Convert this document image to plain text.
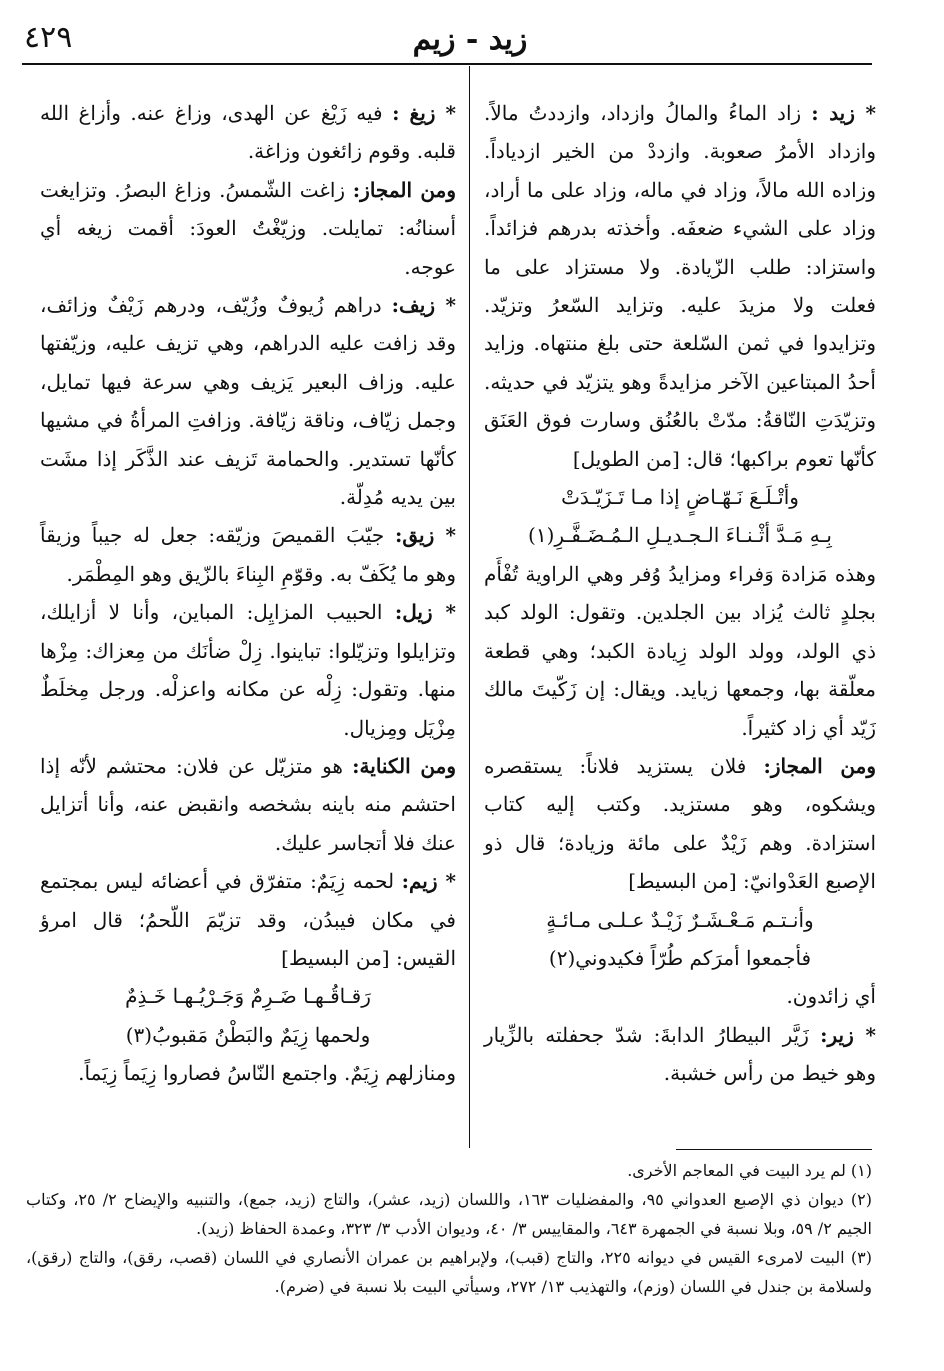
زيد - زيم
٤٢٩

* زيد : زاد الماءُ والمالُ وازداد، وازددتُ مالاً. وازداد الأمرُ صعوبة. وازددْ من الخير ازدياداً. وزاده الله مالاً، وزاد في ماله، وزاد على ما أراد، وزاد على الشيء ضعفَه. وأخذته بدرهم فزائداً. واستزاد: طلب الزّيادة. ولا مستزاد على ما فعلت ولا مزيدَ عليه. وتزايد السّعرُ وتزيّد. وتزايدوا في ثمن السّلعة حتى بلغ منتهاه. وزايد أحدُ المبتاعين الآخر مزايدةً وهو يتزيّد في حديثه. وتزيّدَتِ النّاقةُ: مدّتْ بالعُنُق وسارت فوق العَنَق كأنّها تعوم براكبها؛ قال: [من الطويل]

وأتْـلَـعَ نَـهّـاضٍ إذا مـا تَـزَيّـدَتْ

بِـهِ مَـدَّ أثْـنـاءَ الـجـديـلِ الـمُـضَـفَّـرِ(١)

وهذه مَزادة وَفراء ومزايدُ وُفر وهي الراوية تُفْأَم بجلدٍ ثالث يُزاد بين الجلدين. وتقول: الولد كبد ذي الولد، وولد الولد زِيادة الكبد؛ وهي قطعة معلّقة بها، وجمعها زيايد. ويقال: إن زَكّيتَ مالك زَيّد أي زاد كثيراً.

ومن المجاز: فلان يستزيد فلاناً: يستقصره ويشكوه، وهو مستزيد. وكتب إليه كتاب استزادة. وهم زَيْدٌ على مائة وزيادة؛ قال ذو الإصبع العَدْوانيّ: [من البسيط]

وأنـتـم مَـعْـشَـرٌ زَيْـدٌ عـلـى مـائـةٍ

فأجمعوا أمرَكم طُرّاً فكيدوني(٢)

أي زائدون.

* زير: زَيَّر البيطارُ الدابةَ: شدّ جحفلته بالزِّيار وهو خيط من رأس خشبة.

* زيغ : فيه زَيْغ عن الهدى، وزاغ عنه. وأزاغ الله قلبه. وقوم زائغون وزاغة.

ومن المجاز: زاغت الشّمسُ. وزاغ البصرُ. وتزايغت أسنانُه: تمايلت. وزيّغْتُ العودَ: أقمت زيغه أي عوجه.

* زيف: دراهم زُيوفٌ وزُيّف، ودرهم زَيْفٌ وزائف، وقد زافت عليه الدراهم، وهي تزيف عليه، وزيّفتها عليه. وزاف البعير يَزيف وهي سرعة فيها تمايل، وجمل زيّاف، وناقة زيّافة. وزافتِ المرأةُ في مشيها كأنّها تستدير. والحمامة تَزيف عند الذَّكَر إذا مشَت بين يديه مُدِلّة.

* زيق: جيّبَ القميصَ وزيّقه: جعل له جيباً وزيقاً وهو ما يُكَفّ به. وقوّمِ البِناءَ بالزّيق وهو المِطْمَر.

* زيل: الحبيب المزايِل: المباين، وأنا لا أزايلك، وتزايلوا وتزيّلوا: تباينوا. زِلْ ضأنَك من مِعزاك: مِزْها منها. وتقول: زِلْه عن مكانه واعزلْه. ورجل مِخلَطٌ مِزْيَل ومِزيال.

ومن الكناية: هو متزيّل عن فلان: محتشم لأنّه إذا احتشم منه باينه بشخصه وانقبض عنه، وأنا أتزايل عنك فلا أتجاسر عليك.

* زيم: لحمه زِيَمٌ: متفرّق في أعضائه ليس بمجتمع في مكان فيبدُن، وقد تزيّمَ اللّحمُ؛ قال امرؤ القيس: [من البسيط]

رَقـاقُـهـا ضَـرِمٌ وَجَـرْيُـهـا خَـذِمٌ

ولحمها زِيَمٌ والبَطْنُ مَقبوبُ(٣)

ومنازلهم زِيَمٌ. واجتمع النّاسُ فصاروا زِيَماً زِيَماً.

(١) لم يرد البيت في المعاجم الأخرى.

(٢) ديوان ذي الإصبع العدواني ٩٥، والمفضليات ١٦٣، واللسان (زيد، عشر)، والتاج (زيد، جمع)، والتنبيه والإيضاح ٢/ ٢٥، وكتاب الجيم ٢/ ٥٩، وبلا نسبة في الجمهرة ٦٤٣، والمقاييس ٣/ ٤٠، وديوان الأدب ٣/ ٣٢٣، وعمدة الحفاظ (زيد).

(٣) البيت لامرىء القيس في ديوانه ٢٢٥، والتاج (قبب)، ولإبراهيم بن عمران الأنصاري في اللسان (قصب، رقق)، والتاج (رقق)، ولسلامة بن جندل في اللسان (وزم)، والتهذيب ١٣/ ٢٧٢، وسيأتي البيت بلا نسبة في (ضرم).
